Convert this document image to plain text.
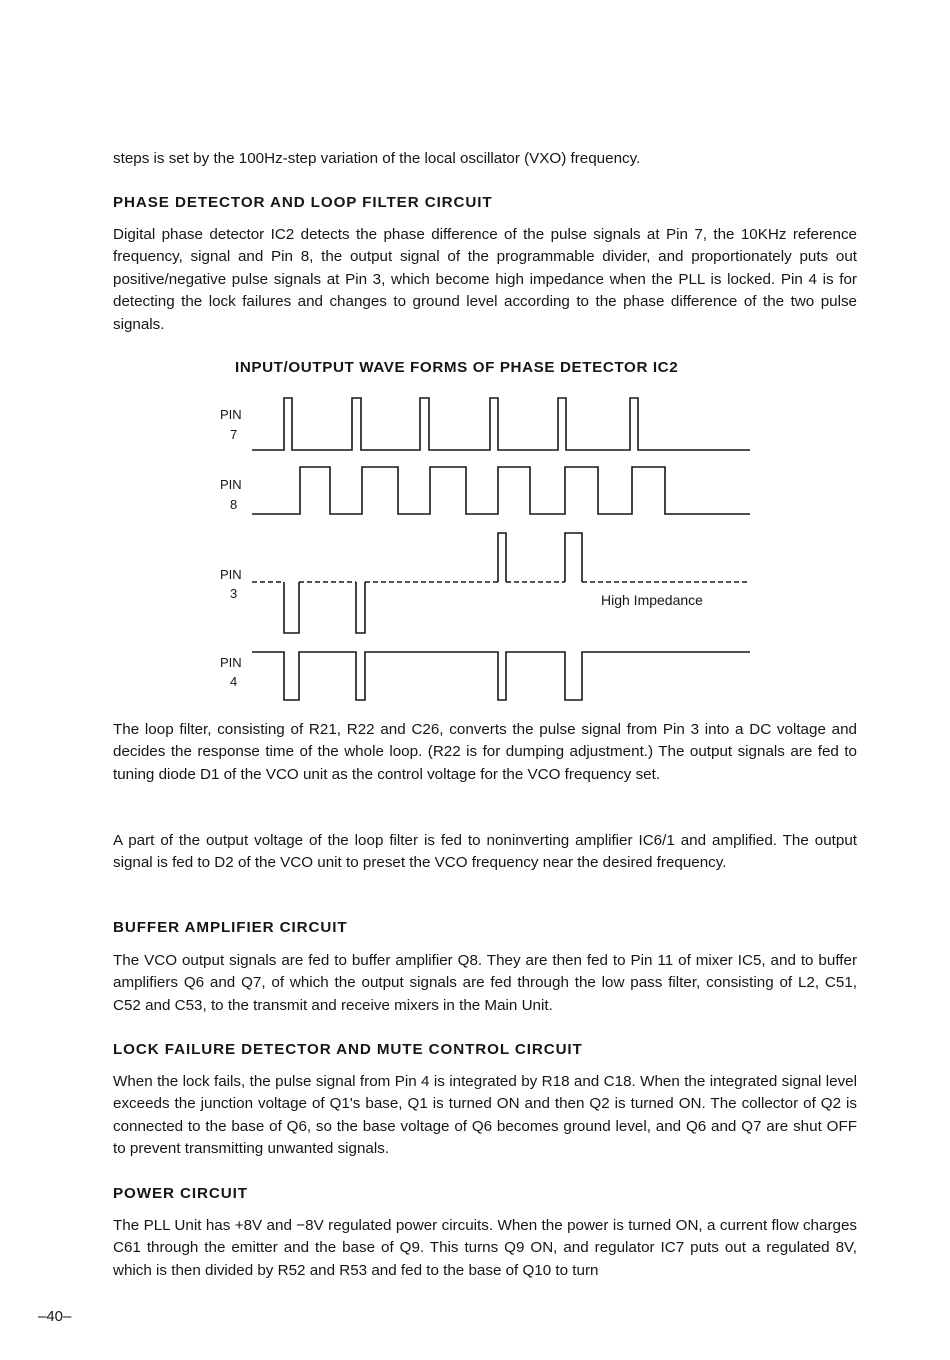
steps is set by the 100Hz-step variation of the local oscillator (VXO) frequency.

PHASE DETECTOR AND LOOP FILTER CIRCUIT

Digital phase detector IC2 detects the phase difference of the pulse signals at Pin 7, the 10KHz reference frequency, signal and Pin 8, the output signal of the programmable divider, and proportionately puts out positive/negative pulse signals at Pin 3, which become high impedance when the PLL is locked. Pin 4 is for detecting the lock failures and changes to ground level according to the phase difference of the two pulse signals.

INPUT/OUTPUT WAVE FORMS OF PHASE DETECTOR IC2
PIN
7
PIN
8
PIN
3	High Impedance
PIN
4

The loop filter, consisting of R21, R22 and C26, converts the pulse signal from Pin 3 into a DC voltage and decides the response time of the whole loop. (R22 is for dumping adjustment.) The output signals are fed to tuning diode D1 of the VCO unit as the control voltage for the VCO frequency set.

A part of the output voltage of the loop filter is fed to noninverting amplifier IC6/1 and amplified. The output signal is fed to D2 of the VCO unit to preset the VCO frequency near the desired frequency.

BUFFER AMPLIFIER CIRCUIT

The VCO output signals are fed to buffer amplifier Q8. They are then fed to Pin 11 of mixer IC5, and to buffer amplifiers Q6 and Q7, of which the output signals are fed through the low pass filter, consisting of L2, C51, C52 and C53, to the transmit and receive mixers in the Main Unit.

LOCK FAILURE DETECTOR AND MUTE CONTROL CIRCUIT

When the lock fails, the pulse signal from Pin 4 is integrated by R18 and C18. When the integrated signal level exceeds the junction voltage of Q1's base, Q1 is turned ON and then Q2 is turned ON. The collector of Q2 is connected to the base of Q6, so the base voltage of Q6 becomes ground level, and Q6 and Q7 are shut OFF to prevent transmitting unwanted signals.

POWER CIRCUIT

The PLL Unit has +8V and −8V regulated power circuits. When the power is turned ON, a current flow charges C61 through the emitter and the base of Q9. This turns Q9 ON, and regulator IC7 puts out a regulated 8V, which is then divided by R52 and R53 and fed to the base of Q10 to turn

–40–
